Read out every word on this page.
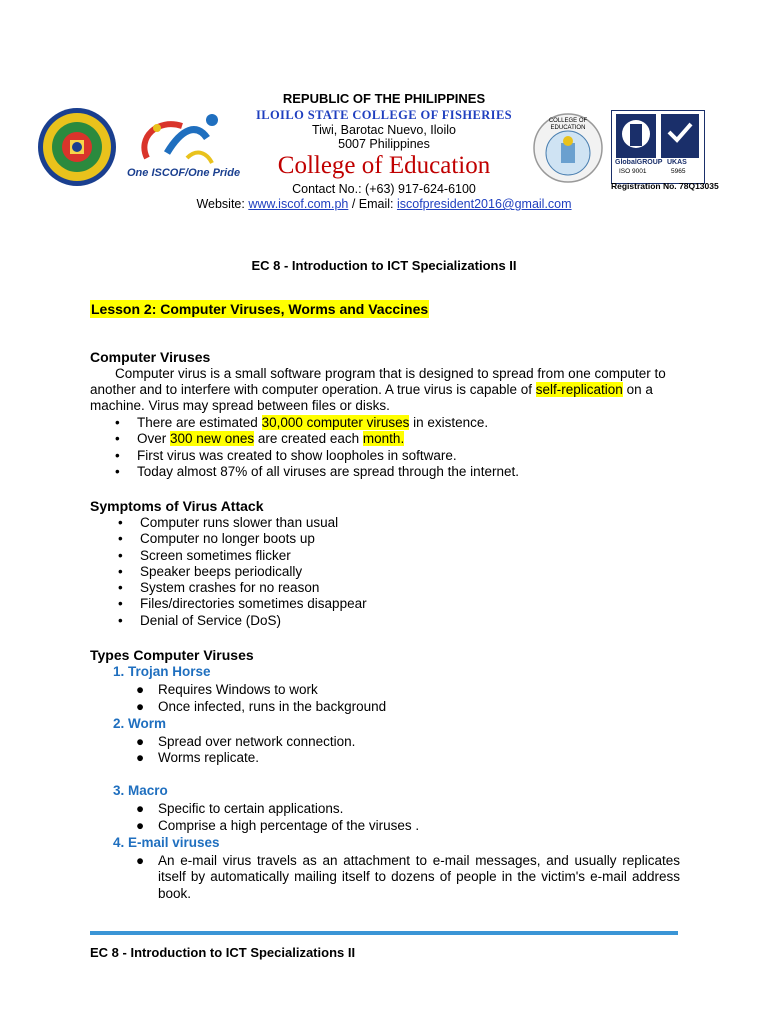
One ISCOF/One Pride
COLLEGE OF EDUCATION
GlobalGROUP
ISO 9001
UKAS
5965
Registration No. 78Q13035
REPUBLIC OF THE PHILIPPINES
ILOILO STATE COLLEGE OF FISHERIES
Tiwi, Barotac Nuevo, Iloilo
5007 Philippines
College of Education
Contact No.: (+63) 917-624-6100
Website: www.iscof.com.ph / Email: iscofpresident2016@gmail.com
EC 8 - Introduction to ICT Specializations II
Lesson 2: Computer Viruses, Worms and Vaccines
Computer Viruses
Computer virus is a small software program that is designed to spread from one computer to another and to interfere with computer operation. A true virus is capable of self-replication on a machine. Virus may spread between files or disks.
• There are estimated 30,000 computer viruses in existence.
• Over 300 new ones are created each month.
• First virus was created to show loopholes in software.
• Today almost 87% of all viruses are spread through the internet.
Symptoms of Virus Attack
• Computer runs slower than usual
• Computer no longer boots up
• Screen sometimes flicker
• Speaker beeps periodically
• System crashes for no reason
• Files/directories sometimes disappear
• Denial of Service (DoS)
Types Computer Viruses
1. Trojan Horse
● Requires Windows to work
● Once infected, runs in the background
2. Worm
● Spread over network connection.
● Worms replicate.
3. Macro
● Specific to certain applications.
● Comprise a high percentage of the viruses .
4. E-mail viruses
● An e-mail virus travels as an attachment to e-mail messages, and usually replicates itself by automatically mailing itself to dozens of people in the victim's e-mail address book.
EC 8 - Introduction to ICT Specializations II
